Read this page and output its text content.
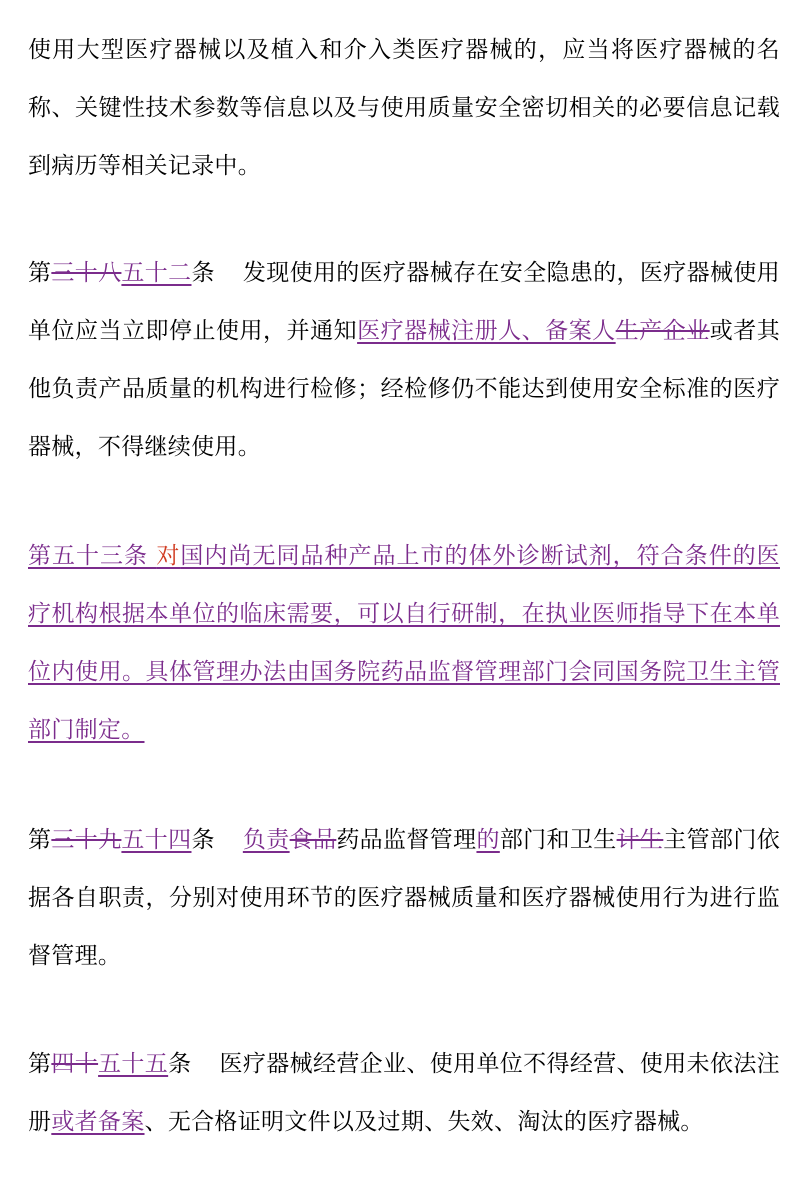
使用大型医疗器械以及植入和介入类医疗器械的，应当将医疗器械的名称、关键性技术参数等信息以及与使用质量安全密切相关的必要信息记载到病历等相关记录中。
第三十八五十二条 发现使用的医疗器械存在安全隐患的，医疗器械使用单位应当立即停止使用，并通知医疗器械注册人、备案人生产企业或者其他负责产品质量的机构进行检修；经检修仍不能达到使用安全标准的医疗器械，不得继续使用。
第五十三条 对国内尚无同品种产品上市的体外诊断试剂，符合条件的医疗机构根据本单位的临床需要，可以自行研制，在执业医师指导下在本单位内使用。具体管理办法由国务院药品监督管理部门会同国务院卫生主管部门制定。
第三十九五十四条 负责食品药品监督管理的部门和卫生计生主管部门依据各自职责，分别对使用环节的医疗器械质量和医疗器械使用行为进行监督管理。
第四十五十五条 医疗器械经营企业、使用单位不得经营、使用未依法注册或者备案、无合格证明文件以及过期、失效、淘汰的医疗器械。
